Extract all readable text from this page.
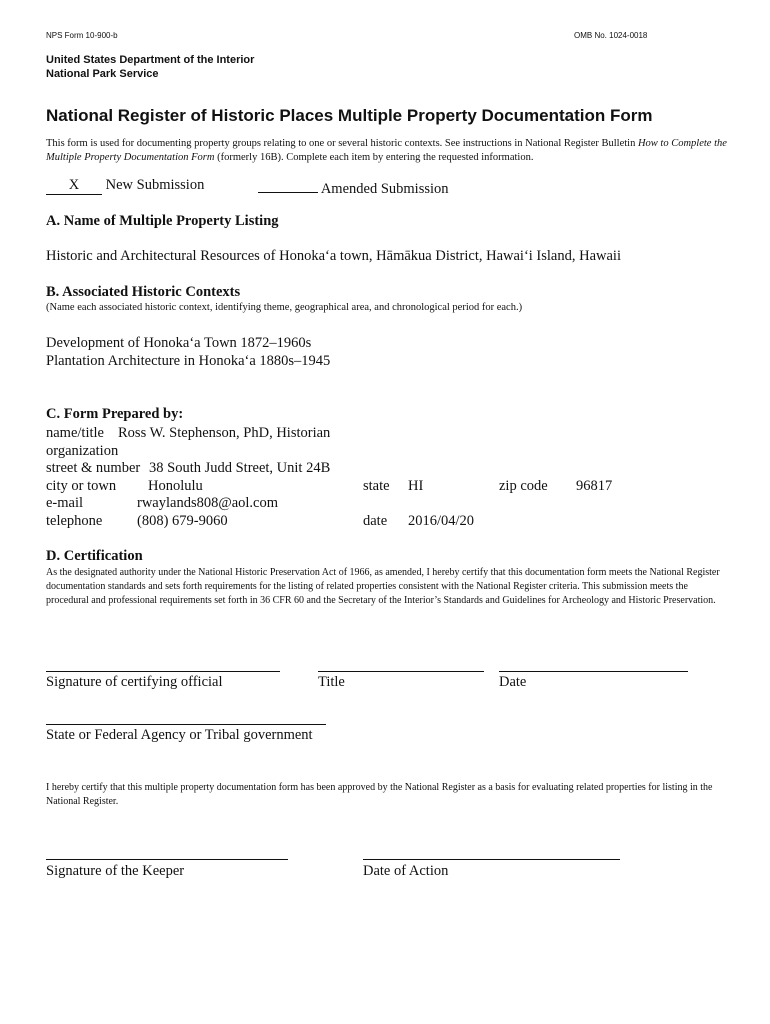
NPS Form 10-900-b	OMB No. 1024-0018
United States Department of the Interior
National Park Service
National Register of Historic Places Multiple Property Documentation Form
This form is used for documenting property groups relating to one or several historic contexts. See instructions in National Register Bulletin How to Complete the Multiple Property Documentation Form (formerly 16B). Complete each item by entering the requested information.
X New Submission	Amended Submission
A. Name of Multiple Property Listing
Historic and Architectural Resources of Honokaʻa town, Hāmākua District, Hawaiʻi Island, Hawaii
B. Associated Historic Contexts
(Name each associated historic context, identifying theme, geographical area, and chronological period for each.)
Development of Honokaʻa Town 1872–1960s
Plantation Architecture in Honokaʻa 1880s–1945
C. Form Prepared by:
name/title Ross W. Stephenson, PhD, Historian
organization
street & number 38 South Judd Street, Unit 24B
city or town Honolulu	state HI	zip code 96817
e-mail	rwaylands808@aol.com
telephone (808) 679-9060	date 2016/04/20
D. Certification
As the designated authority under the National Historic Preservation Act of 1966, as amended, I hereby certify that this documentation form meets the National Register documentation standards and sets forth requirements for the listing of related properties consistent with the National Register criteria. This submission meets the procedural and professional requirements set forth in 36 CFR 60 and the Secretary of the Interior’s Standards and Guidelines for Archeology and Historic Preservation.
Signature of certifying official	Title	Date
State or Federal Agency or Tribal government
I hereby certify that this multiple property documentation form has been approved by the National Register as a basis for evaluating related properties for listing in the National Register.
Signature of the Keeper	Date of Action
